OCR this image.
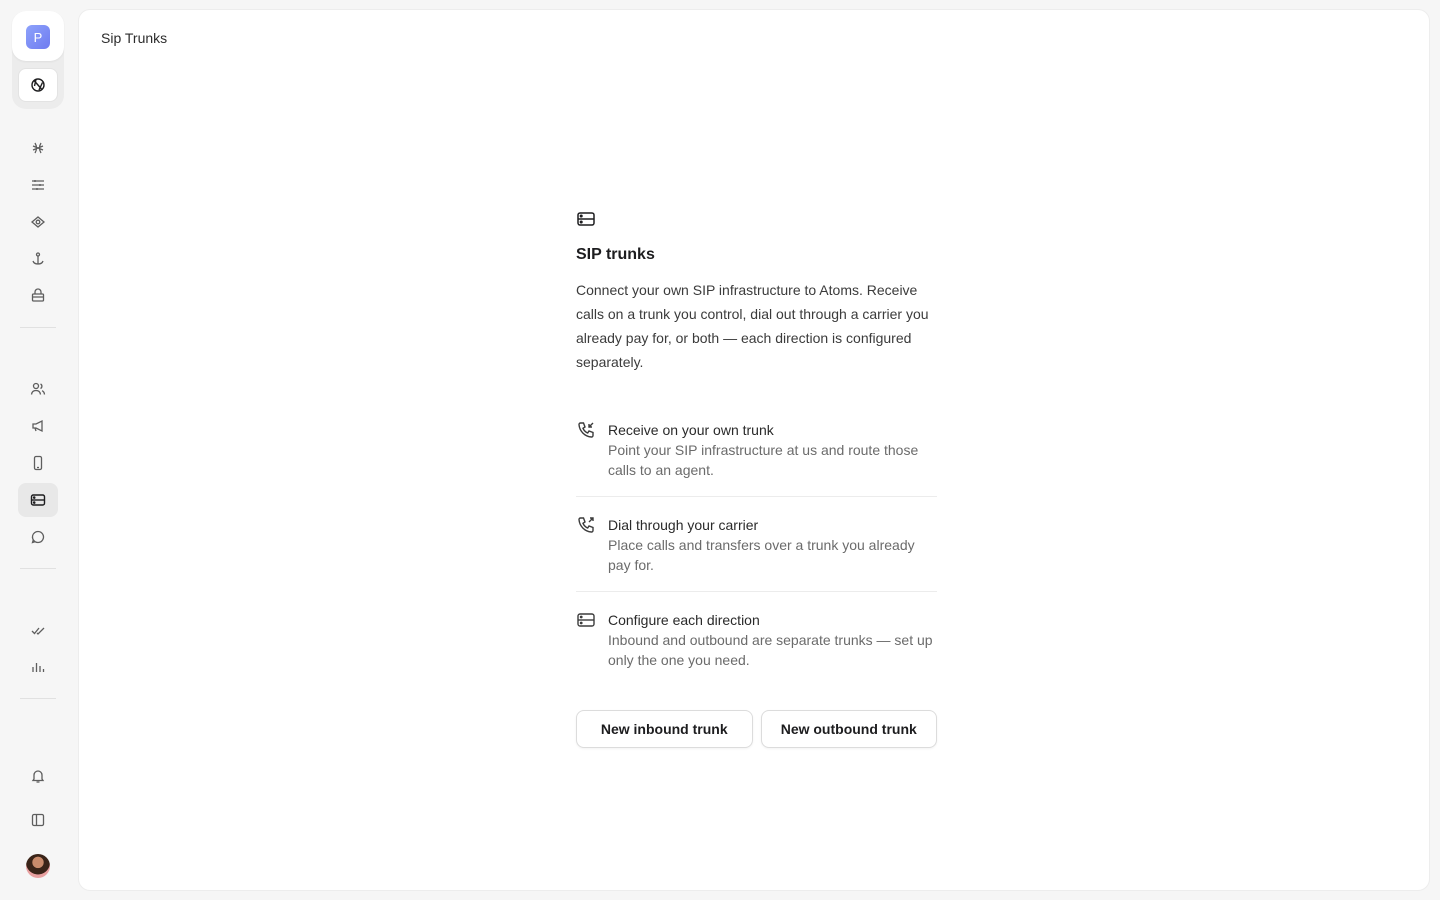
P	Sip Trunks
SIP trunks

Connect your own SIP infrastructure to Atoms. Receive calls on a trunk you control, dial out through a carrier you already pay for, or both — each direction is configured separately.

Receive on your own trunk
Point your SIP infrastructure at us and route those calls to an agent.
Dial through your carrier
Place calls and transfers over a trunk you already pay for.
Configure each direction
Inbound and outbound are separate trunks — set up only the one you need.
New inbound trunk	New outbound trunk
